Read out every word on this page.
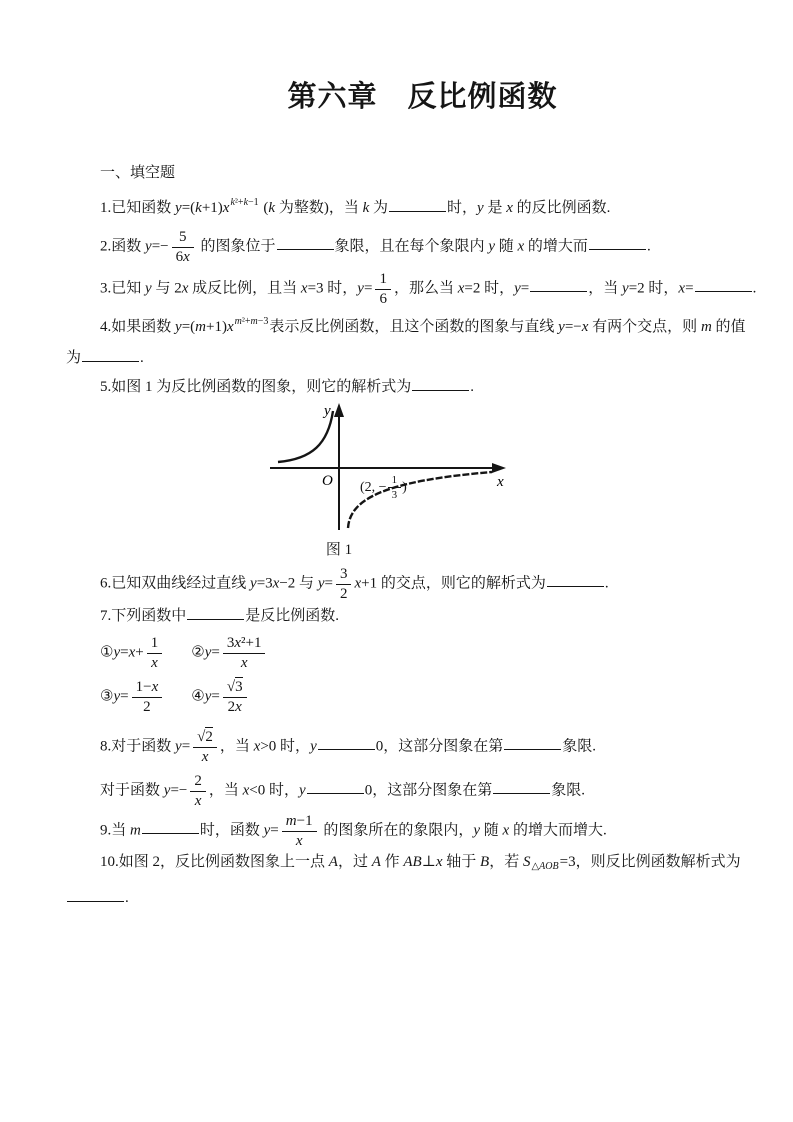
第六章　反比例函数
一、填空题
1.已知函数 $y=(k+1)x^{k^2+k-1}$ (k 为整数)，当 k 为	时，y 是 x 的反比例函数.
2.函数 $y=- \frac{5}{6x}$ 的图象位于	象限，且在每个象限内 y 随 x 的增大而	.
3.已知 y 与 2x 成反比例，且当 x=3 时，$y= \frac{1}{6}$ ，那么当 x=2 时，y=	，当 y=2 时，x=	.
4.如果函数 $y=(m+1)x^{m^2+m-3}$表示反比例函数，且这个函数的图象与直线 y=−x 有两个交点，则 m 的值
为	.
5.如图 1 为反比例函数的图象，则它的解析式为	.
y
x
O (2, − $\frac{1}{3}$ )
图 1
6.已知双曲线经过直线 y=3x−2 与 $y= \frac{3}{2} x+1$ 的交点，则它的解析式为	.
7.下列函数中	是反比例函数.
①y=x+ $\frac{1}{x}$ ②y= $\frac{\text{3x²+1}}{x}$
③y= $\frac{1-x}{2}$ ④y= $\frac{√3}{2x}$
8.对于函数 $y= \frac{√2}{x}$ ，当 x>0 时，y	0，这部分图象在第	象限.
对于函数 $y=- \frac{2}{x}$ ，当 x<0 时，y	0，这部分图象在第	象限.
9.当 m	时，函数 $y= \frac{m-1}{x}$ 的图象所在的象限内，y 随 x 的增大而增大.
10.如图 2，反比例函数图象上一点 A，过 A 作 AB⊥x 轴于 B，若 $S_{\triangle AOB}=3$，则反比例函数解析式为
.
